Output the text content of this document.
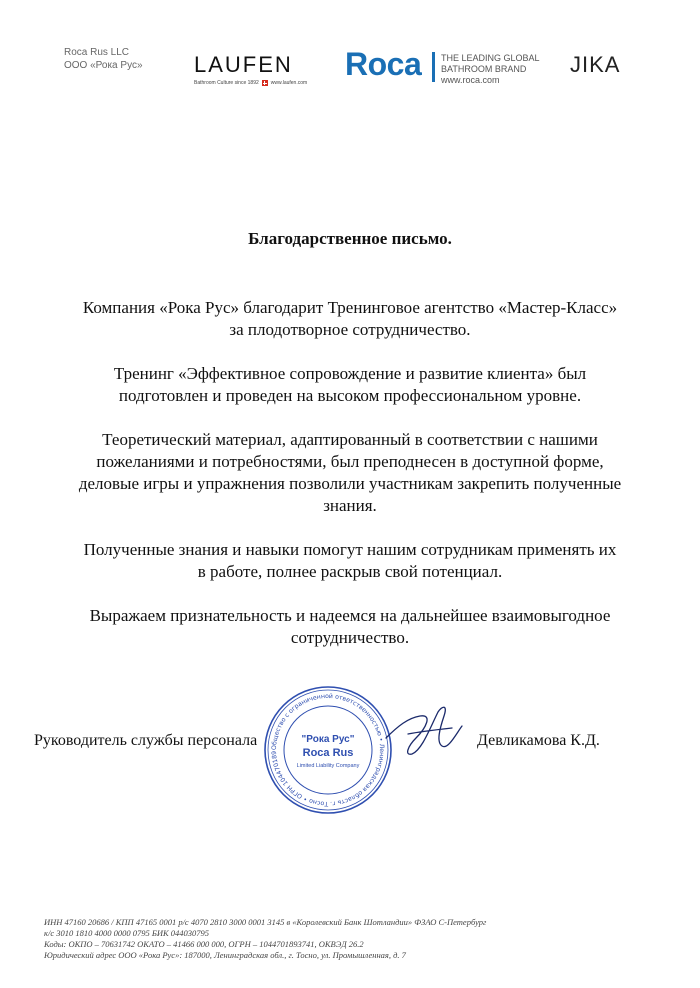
Roca Rus LLC
ООО «Рока Рус» LAUFEN
Bathroom Culture since 1892 www.laufen.com
Roca THE LEADING GLOBAL
BATHROOM BRAND
www.roca.com
JIKA
Благодарственное письмо.

Компания «Рока Рус» благодарит Тренинговое агентство «Мастер-Класс»
за плодотворное сотрудничество.

Тренинг «Эффективное сопровождение и развитие клиента» был
подготовлен и проведен на высоком профессиональном уровне.

Теоретический материал, адаптированный в соответствии с нашими
пожеланиями и потребностями, был преподнесен в доступной форме,
деловые игры и упражнения позволили участникам закрепить полученные
знания.

Полученные знания и навыки помогут нашим сотрудникам применять их
в работе, полнее раскрыв свой потенциал.

Выражаем признательность и надеемся на дальнейшее взаимовыгодное
сотрудничество.

Общество с ограниченной ответственностью • Ленинградская область г. Тосно • ОГРН 104470189
"Рока Рус"
Roca Rus
Limited Liability Company
Руководитель службы персонала	Девликамова К.Д.
ИНН 47160 20686 / КПП 47165 0001 р/с 4070 2810 3000 0001 3145 в «Королевский Банк Шотландии» ФЗАО С-Петербург
к/с 3010 1810 4000 0000 0795 БИК 044030795
Коды: ОКПО – 70631742 ОКАТО – 41466 000 000, ОГРН – 1044701893741, ОКВЭД 26.2
Юридический адрес ООО «Рока Рус»: 187000, Ленинградская обл., г. Тосно, ул. Промышленная, д. 7
